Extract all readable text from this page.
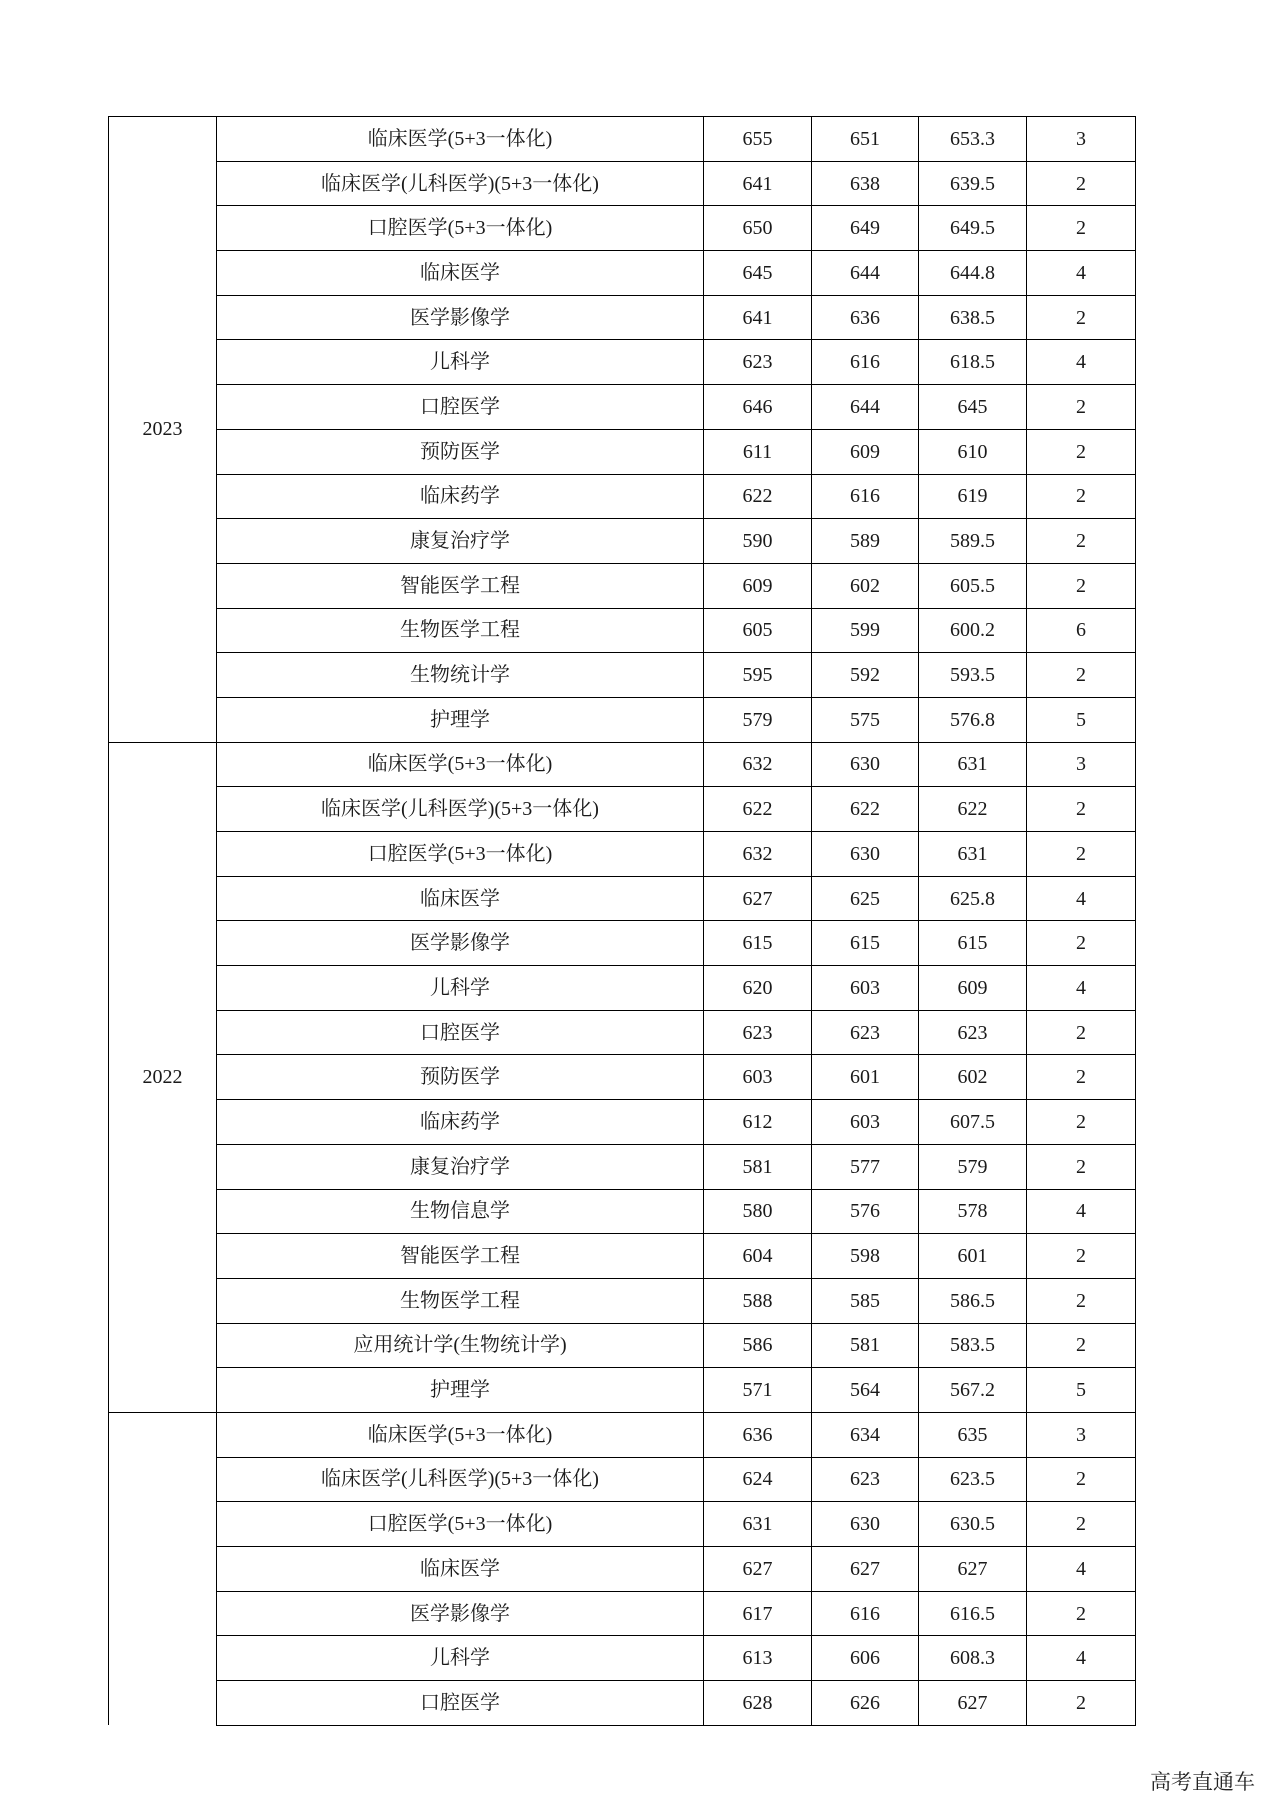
2023	临床医学(5+3一体化)	655	651	653.3	3
	临床医学(儿科医学)(5+3一体化)	641	638	639.5	2
	口腔医学(5+3一体化)	650	649	649.5	2
	临床医学	645	644	644.8	4
	医学影像学	641	636	638.5	2
	儿科学	623	616	618.5	4
	口腔医学	646	644	645	2
	预防医学	611	609	610	2
	临床药学	622	616	619	2
	康复治疗学	590	589	589.5	2
	智能医学工程	609	602	605.5	2
	生物医学工程	605	599	600.2	6
	生物统计学	595	592	593.5	2
	护理学	579	575	576.8	5
2022	临床医学(5+3一体化)	632	630	631	3
	临床医学(儿科医学)(5+3一体化)	622	622	622	2
	口腔医学(5+3一体化)	632	630	631	2
	临床医学	627	625	625.8	4
	医学影像学	615	615	615	2
	儿科学	620	603	609	4
	口腔医学	623	623	623	2
	预防医学	603	601	602	2
	临床药学	612	603	607.5	2
	康复治疗学	581	577	579	2
	生物信息学	580	576	578	4
	智能医学工程	604	598	601	2
	生物医学工程	588	585	586.5	2
	应用统计学(生物统计学)	586	581	583.5	2
	护理学	571	564	567.2	5
	临床医学(5+3一体化)	636	634	635	3
	临床医学(儿科医学)(5+3一体化)	624	623	623.5	2
	口腔医学(5+3一体化)	631	630	630.5	2
	临床医学	627	627	627	4
	医学影像学	617	616	616.5	2
	儿科学	613	606	608.3	4
	口腔医学	628	626	627	2
高考直通车
